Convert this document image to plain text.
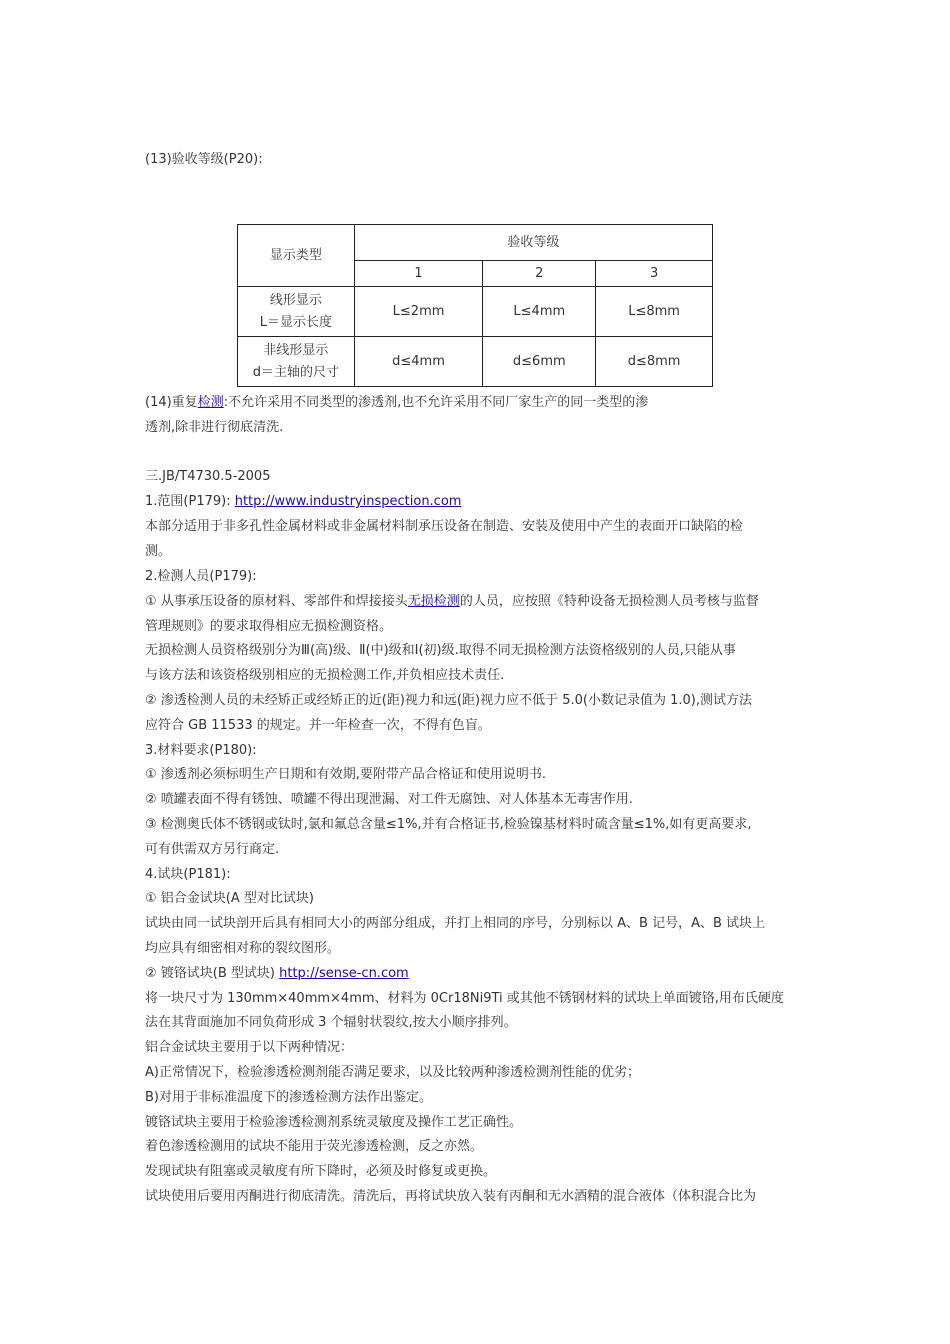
(13)验收等级(P20):
显示类型	验收等级		
	1	2	3

线形显示
L＝显示长度	L≤2mm	L≤4mm	L≤8mm

非线形显示
d＝主轴的尺寸	d≤4mm	d≤6mm	d≤8mm
(14)重复检测:不允许采用不同类型的渗透剂,也不允许采用不同厂家生产的同一类型的渗
透剂,除非进行彻底清洗.
三.JB/T4730.5-2005
1.范围(P179): http://www.industryinspection.com
本部分适用于非多孔性金属材料或非金属材料制承压设备在制造、安装及使用中产生的表面开口缺陷的检
测。
2.检测人员(P179):
① 从事承压设备的原材料、零部件和焊接接头无损检测的人员，应按照《特种设备无损检测人员考核与监督
管理规则》的要求取得相应无损检测资格。
无损检测人员资格级别分为Ⅲ(高)级、Ⅱ(中)级和Ⅰ(初)级.取得不同无损检测方法资格级别的人员,只能从事
与该方法和该资格级别相应的无损检测工作,并负相应技术责任.
② 渗透检测人员的未经矫正或经矫正的近(距)视力和远(距)视力应不低于 5.0(小数记录值为 1.0),测试方法
应符合 GB 11533 的规定。并一年检查一次，不得有色盲。
3.材料要求(P180):
① 渗透剂必须标明生产日期和有效期,要附带产品合格证和使用说明书.
② 喷罐表面不得有锈蚀、喷罐不得出现泄漏、对工件无腐蚀、对人体基本无毒害作用.
③ 检测奥氏体不锈钢或钛时,氯和氟总含量≤1%,并有合格证书,检验镍基材料时硫含量≤1%,如有更高要求,
可有供需双方另行商定.
4.试块(P181):
① 铝合金试块(A 型对比试块)
试块由同一试块剖开后具有相同大小的两部分组成，并打上相同的序号，分别标以 A、B 记号，A、B 试块上
均应具有细密相对称的裂纹图形。
② 镀铬试块(B 型试块) http://sense-cn.com
将一块尺寸为 130mm×40mm×4mm、材料为 0Cr18Ni9Ti 或其他不锈钢材料的试块上单面镀铬,用布氏硬度
法在其背面施加不同负荷形成 3 个辐射状裂纹,按大小顺序排列。
铝合金试块主要用于以下两种情况：
A)正常情况下，检验渗透检测剂能否满足要求，以及比较两种渗透检测剂性能的优劣；
B)对用于非标准温度下的渗透检测方法作出鉴定。
镀铬试块主要用于检验渗透检测剂系统灵敏度及操作工艺正确性。
着色渗透检测用的试块不能用于荧光渗透检测，反之亦然。
发现试块有阻塞或灵敏度有所下降时，必须及时修复或更换。
试块使用后要用丙酮进行彻底清洗。清洗后，再将试块放入装有丙酮和无水酒精的混合液体（体积混合比为
